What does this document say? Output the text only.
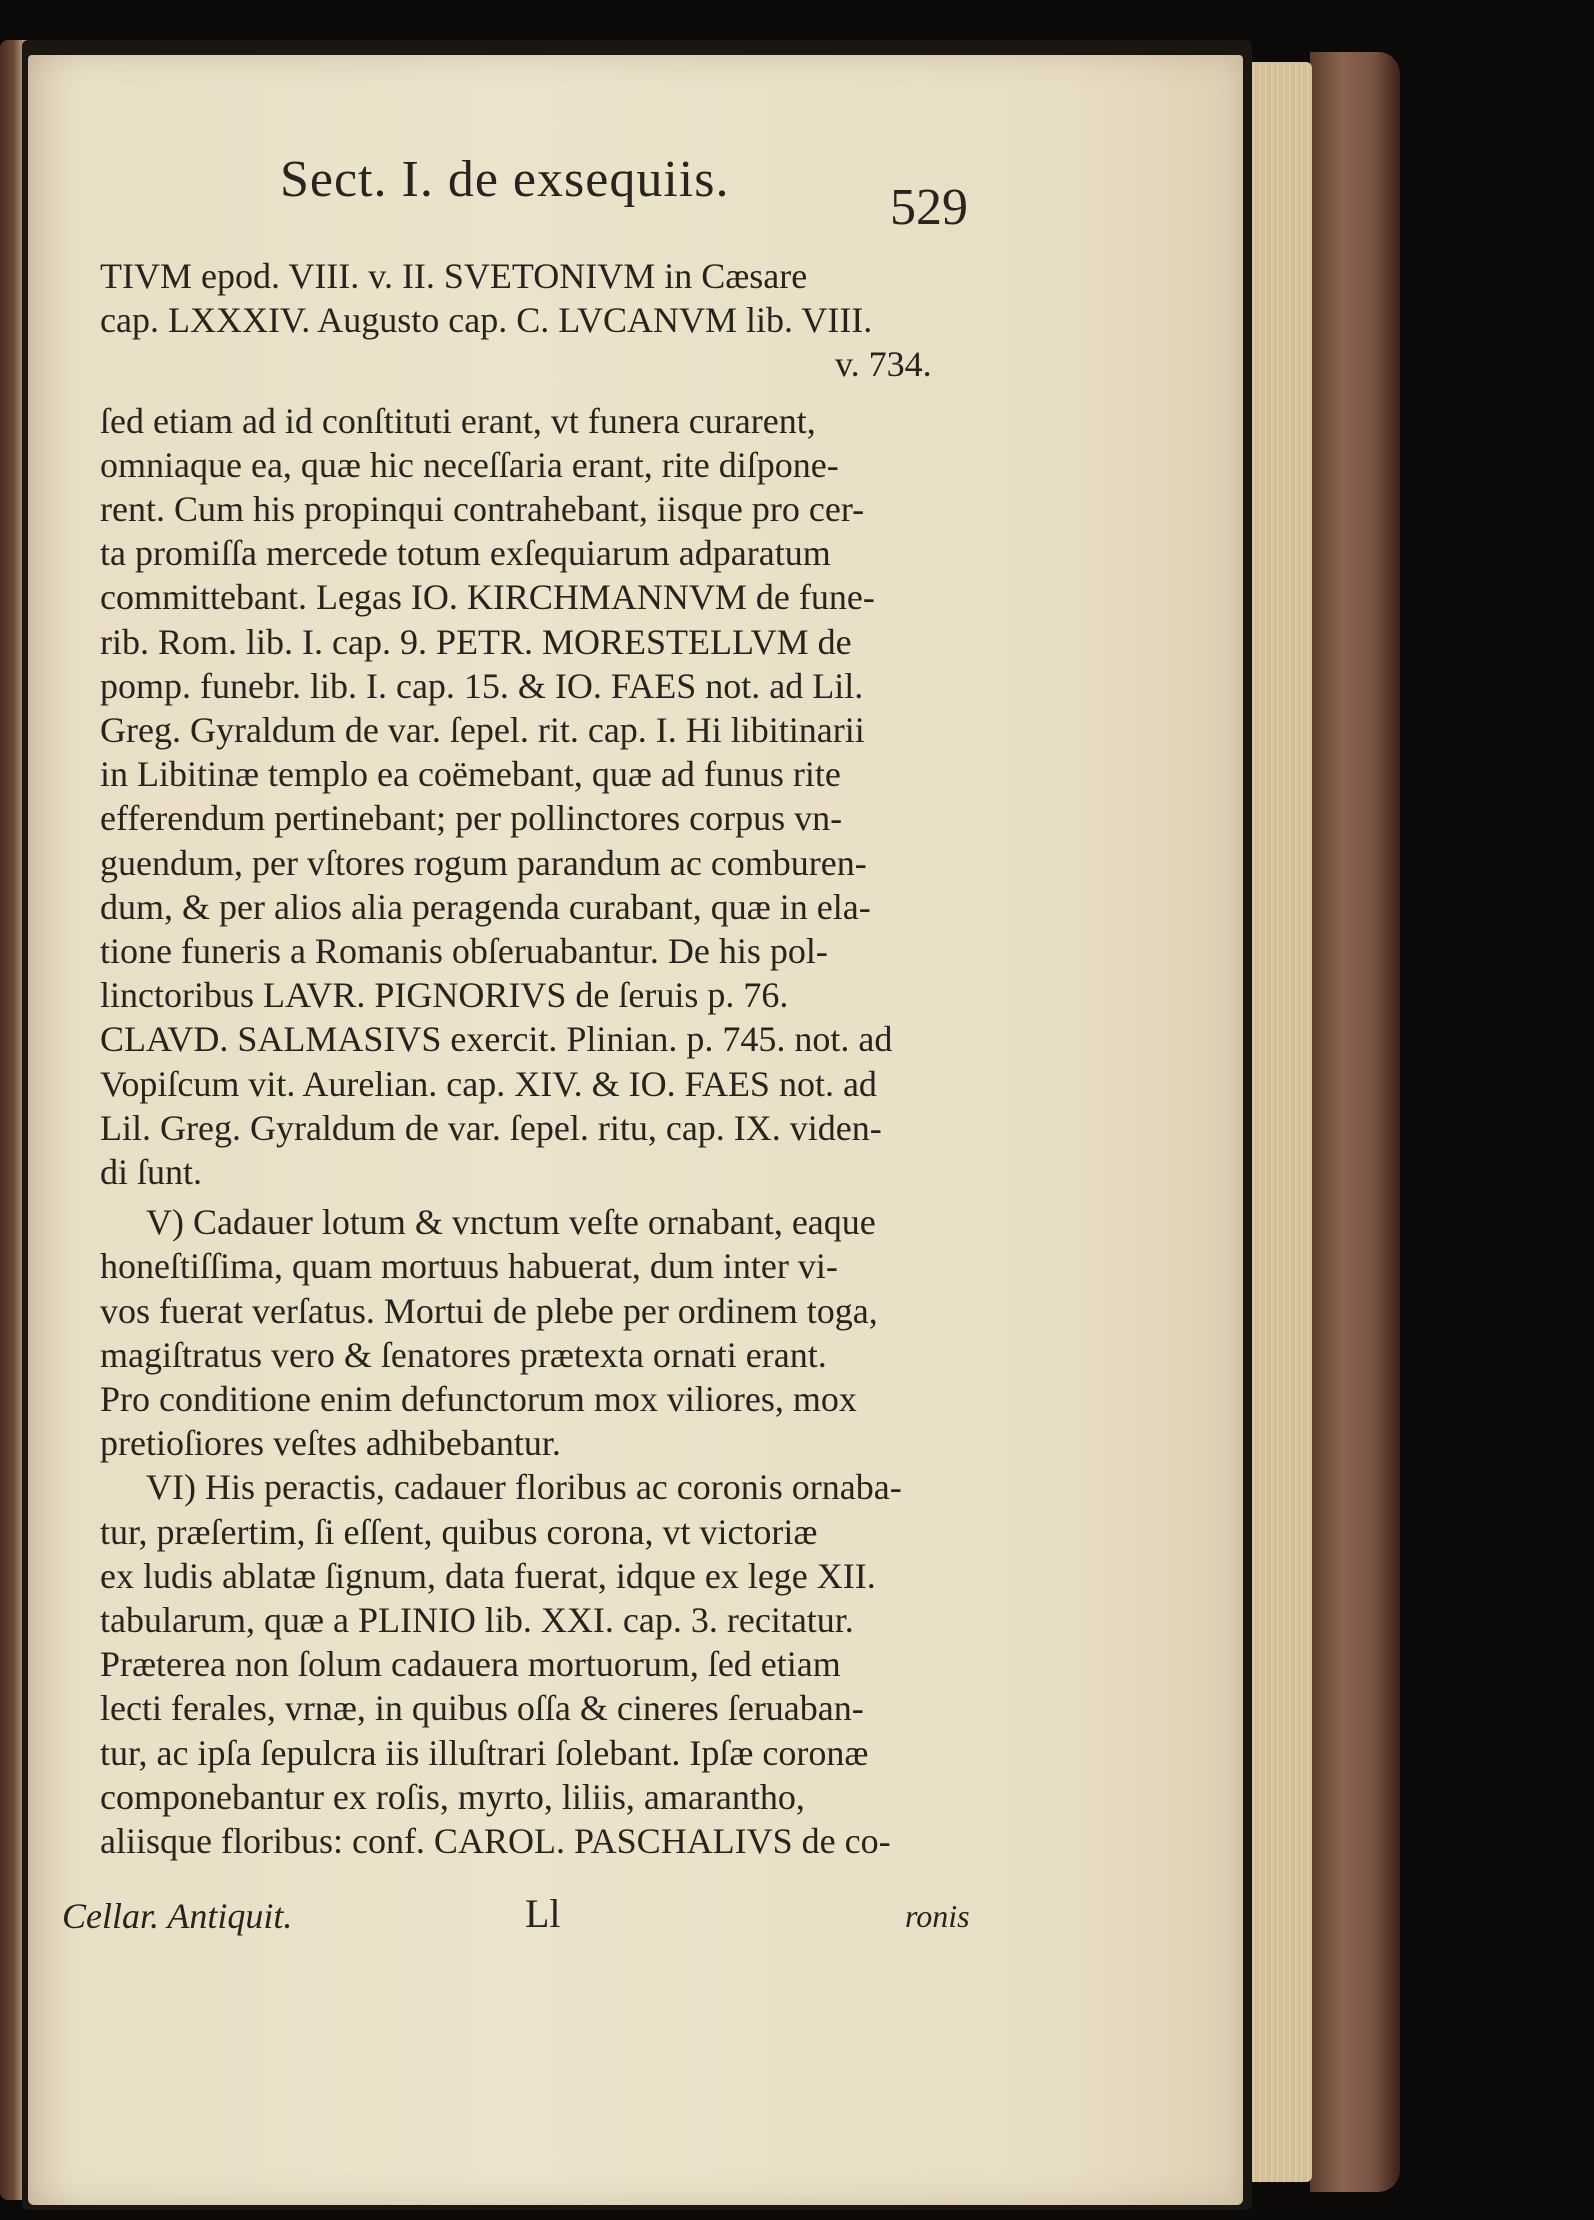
Sect. I. de exsequiis.	529
TIVM epod. VIII. v. II. SVETONIVM in Cæsare
cap. LXXXIV. Augusto cap. C. LVCANVM lib. VIII.
v. 734.
ſed etiam ad id conſtituti erant, vt funera curarent,
omniaque ea, quæ hic neceſſaria erant, rite diſpone-
rent. Cum his propinqui contrahebant, iisque pro cer-
ta promiſſa mercede totum exſequiarum adparatum
committebant. Legas IO. KIRCHMANNVM de fune-
rib. Rom. lib. I. cap. 9. PETR. MORESTELLVM de
pomp. funebr. lib. I. cap. 15. & IO. FAES not. ad Lil.
Greg. Gyraldum de var. ſepel. rit. cap. I. Hi libitinarii
in Libitinæ templo ea coëmebant, quæ ad funus rite
efferendum pertinebant; per pollinctores corpus vn-
guendum, per vſtores rogum parandum ac comburen-
dum, & per alios alia peragenda curabant, quæ in ela-
tione funeris a Romanis obſeruabantur. De his pol-
linctoribus LAVR. PIGNORIVS de ſeruis p. 76.
CLAVD. SALMASIVS exercit. Plinian. p. 745. not. ad
Vopiſcum vit. Aurelian. cap. XIV. & IO. FAES not. ad
Lil. Greg. Gyraldum de var. ſepel. ritu, cap. IX. viden-
di ſunt.
V) Cadauer lotum & vnctum veſte ornabant, eaque
honeſtiſſima, quam mortuus habuerat, dum inter vi-
vos fuerat verſatus. Mortui de plebe per ordinem toga,
magiſtratus vero & ſenatores prætexta ornati erant.
Pro conditione enim defunctorum mox viliores, mox
pretioſiores veſtes adhibebantur.
VI) His peractis, cadauer floribus ac coronis ornaba-
tur, præſertim, ſi eſſent, quibus corona, vt victoriæ
ex ludis ablatæ ſignum, data fuerat, idque ex lege XII.
tabularum, quæ a PLINIO lib. XXI. cap. 3. recitatur.
Præterea non ſolum cadauera mortuorum, ſed etiam
lecti ferales, vrnæ, in quibus oſſa & cineres ſeruaban-
tur, ac ipſa ſepulcra iis illuſtrari ſolebant. Ipſæ coronæ
componebantur ex roſis, myrto, liliis, amarantho,
aliisque floribus: conf. CAROL. PASCHALIVS de co-
Cellar. Antiquit.	Ll	ronis
